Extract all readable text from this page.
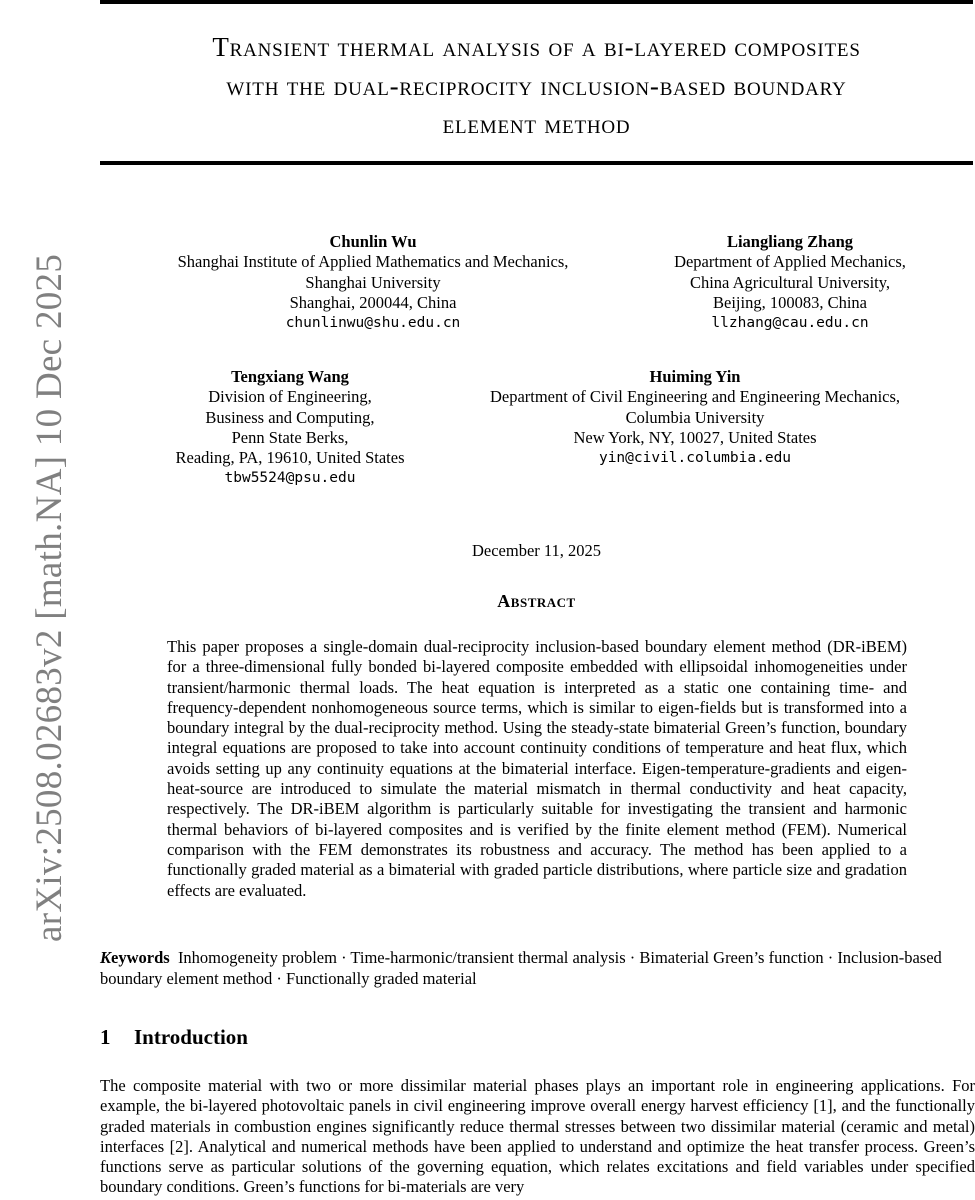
Transient thermal analysis of a bi-layered composites
with the dual-reciprocity inclusion-based boundary
element method
arXiv:2508.02683v2 [math.NA] 10 Dec 2025
Chunlin Wu
Shanghai Institute of Applied Mathematics and Mechanics,
Shanghai University
Shanghai, 200044, China
chunlinwu@shu.edu.cn
Liangliang Zhang
Department of Applied Mechanics,
China Agricultural University,
Beijing, 100083, China
llzhang@cau.edu.cn
Tengxiang Wang
Division of Engineering,
Business and Computing,
Penn State Berks,
Reading, PA, 19610, United States
tbw5524@psu.edu
Huiming Yin
Department of Civil Engineering and Engineering Mechanics,
Columbia University
New York, NY, 10027, United States
yin@civil.columbia.edu
December 11, 2025
Abstract
This paper proposes a single-domain dual-reciprocity inclusion-based boundary element method (DR-iBEM) for a three-dimensional fully bonded bi-layered composite embedded with ellipsoidal inhomogeneities under transient/harmonic thermal loads. The heat equation is interpreted as a static one containing time- and frequency-dependent nonhomogeneous source terms, which is similar to eigen-fields but is transformed into a boundary integral by the dual-reciprocity method. Using the steady-state bimaterial Green’s function, boundary integral equations are proposed to take into account continuity conditions of temperature and heat flux, which avoids setting up any continuity equations at the bimaterial interface. Eigen-temperature-gradients and eigen-heat-source are introduced to simulate the material mismatch in thermal conductivity and heat capacity, respectively. The DR-iBEM algorithm is particularly suitable for investigating the transient and harmonic thermal behaviors of bi-layered composites and is verified by the finite element method (FEM). Numerical comparison with the FEM demonstrates its robustness and accuracy. The method has been applied to a functionally graded material as a bimaterial with graded particle distributions, where particle size and gradation effects are evaluated.
Keywords Inhomogeneity problem · Time-harmonic/transient thermal analysis · Bimaterial Green’s function · Inclusion-based boundary element method · Functionally graded material
1 Introduction
The composite material with two or more dissimilar material phases plays an important role in engineering applications. For example, the bi-layered photovoltaic panels in civil engineering improve overall energy harvest efficiency [1], and the functionally graded materials in combustion engines significantly reduce thermal stresses between two dissimilar material (ceramic and metal) interfaces [2]. Analytical and numerical methods have been applied to understand and optimize the heat transfer process. Green’s functions serve as particular solutions of the governing equation, which relates excitations and field variables under specified boundary conditions. Green’s functions for bi-materials are very
